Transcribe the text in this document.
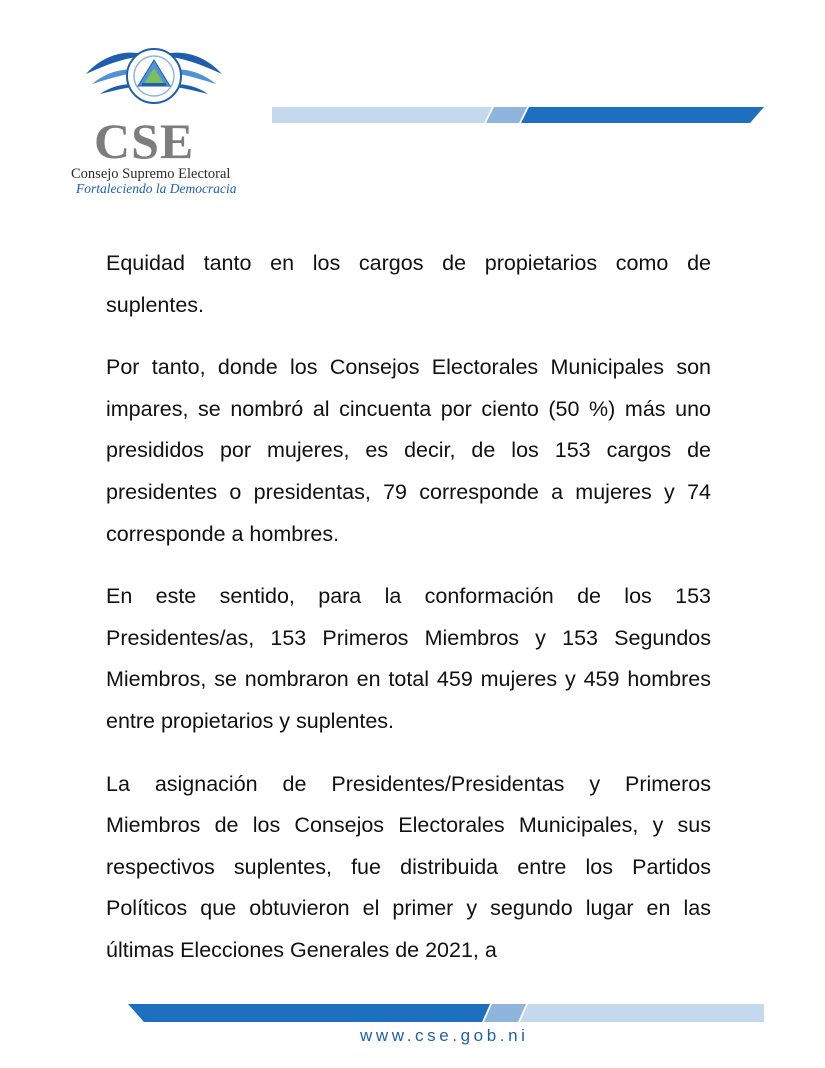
CSE
Consejo Supremo Electoral
Fortaleciendo la Democracia

Equidad tanto en los cargos de propietarios como de suplentes.

Por tanto, donde los Consejos Electorales Municipales son impares, se nombró al cincuenta por ciento (50 %) más uno presididos por mujeres, es decir, de los 153 cargos de presidentes o presidentas, 79 corresponde a mujeres y 74 corresponde a hombres.

En este sentido, para la conformación de los 153 Presidentes/as, 153 Primeros Miembros y 153 Segundos Miembros, se nombraron en total 459 mujeres y 459 hombres entre propietarios y suplentes.

La asignación de Presidentes/Presidentas y Primeros Miembros de los Consejos Electorales Municipales, y sus respectivos suplentes, fue distribuida entre los Partidos Políticos que obtuvieron el primer y segundo lugar en las últimas Elecciones Generales de 2021, a

www.cse.gob.ni
